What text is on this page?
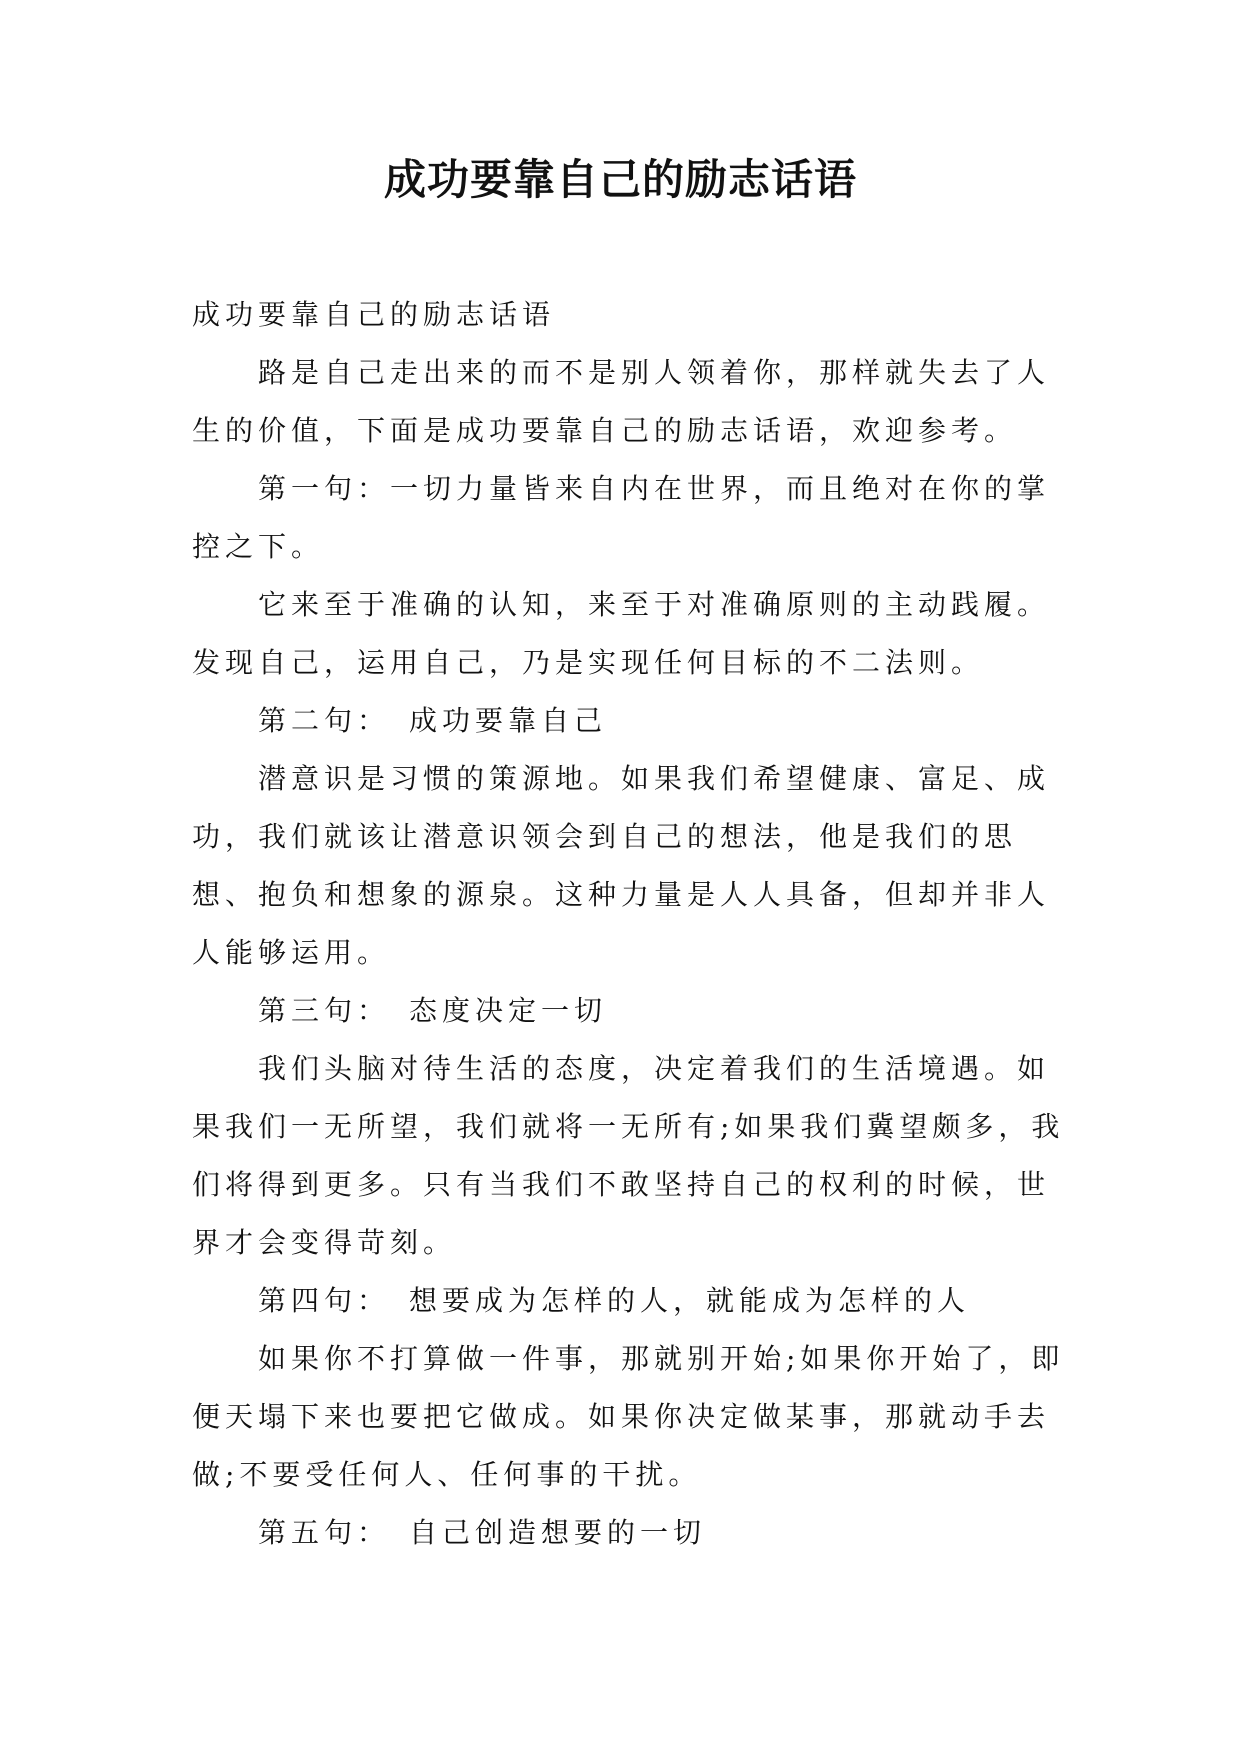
成功要靠自己的励志话语

成功要靠自己的励志话语

路是自己走出来的而不是别人领着你，那样就失去了人生的价值，下面是成功要靠自己的励志话语，欢迎参考。

第一句：一切力量皆来自内在世界，而且绝对在你的掌控之下。

它来至于准确的认知，来至于对准确原则的主动践履。发现自己，运用自己，乃是实现任何目标的不二法则。

第二句：　成功要靠自己

潜意识是习惯的策源地。如果我们希望健康、富足、成功，我们就该让潜意识领会到自己的想法，他是我们的思想、抱负和想象的源泉。这种力量是人人具备，但却并非人人能够运用。

第三句：　态度决定一切

我们头脑对待生活的态度，决定着我们的生活境遇。如果我们一无所望，我们就将一无所有;如果我们冀望颇多，我们将得到更多。只有当我们不敢坚持自己的权利的时候，世界才会变得苛刻。

第四句：　想要成为怎样的人，就能成为怎样的人

如果你不打算做一件事，那就别开始;如果你开始了，即便天塌下来也要把它做成。如果你决定做某事，那就动手去做;不要受任何人、任何事的干扰。

第五句：　自己创造想要的一切
